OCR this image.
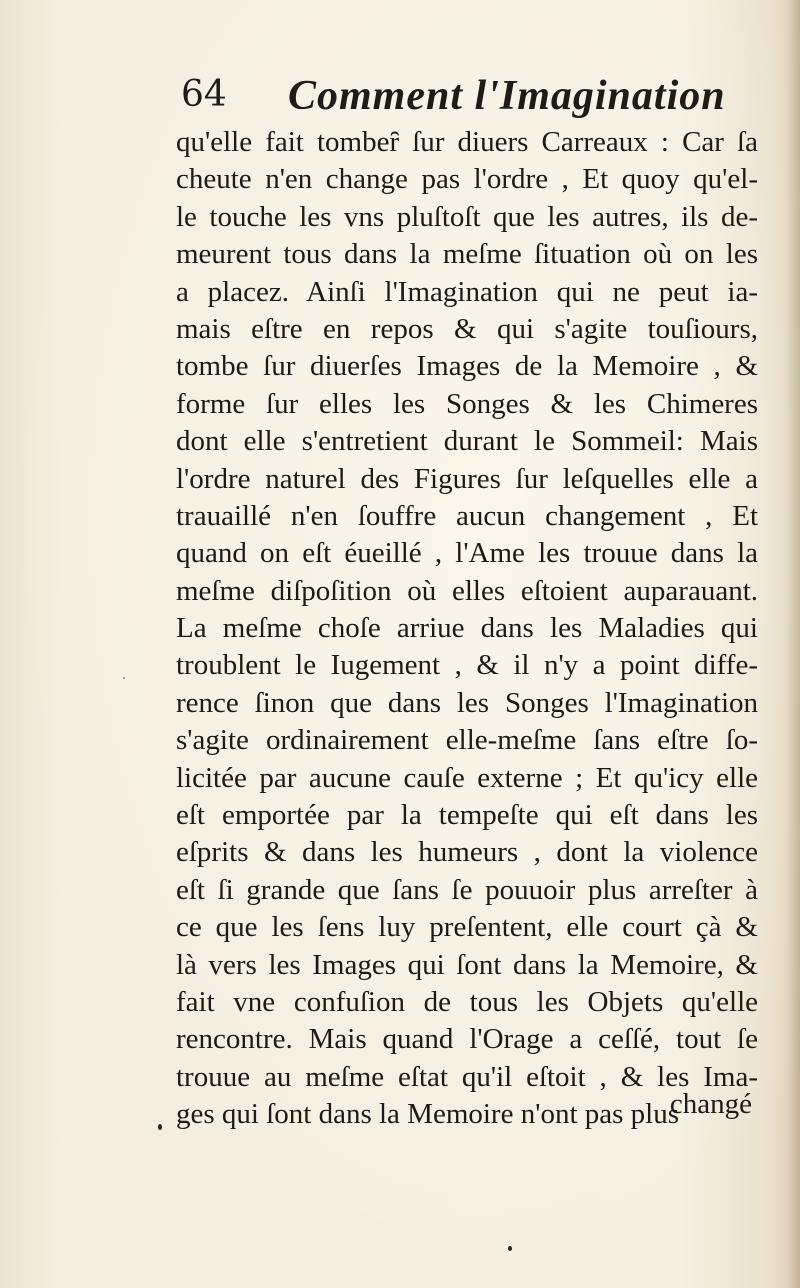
64 Comment l'Imagination
qu'elle fait tombeȓ ſur diuers Carreaux : Car ſa
cheute n'en change pas l'ordre , Et quoy qu'el-
le touche les vns pluſtoſt que les autres, ils de-
meurent tous dans la meſme ſituation où on les
a placez. Ainſi l'Imagination qui ne peut ia-
mais eſtre en repos & qui s'agite touſiours,
tombe ſur diuerſes Images de la Memoire , &
forme ſur elles les Songes & les Chimeres
dont elle s'entretient durant le Sommeil: Mais
l'ordre naturel des Figures ſur leſquelles elle a
trauaillé n'en ſouffre aucun changement , Et
quand on eſt éueillé , l'Ame les trouue dans la
meſme diſpoſition où elles eſtoient auparauant.
La meſme choſe arriue dans les Maladies qui
troublent le Iugement , & il n'y a point diffe-
rence ſinon que dans les Songes l'Imagination
s'agite ordinairement elle-meſme ſans eſtre ſo-
licitée par aucune cauſe externe ; Et qu'icy elle
eſt emportée par la tempeſte qui eſt dans les
eſprits & dans les humeurs , dont la violence
eſt ſi grande que ſans ſe pouuoir plus arreſter à
ce que les ſens luy preſentent, elle court çà &
là vers les Images qui ſont dans la Memoire, &
fait vne confuſion de tous les Objets qu'elle
rencontre. Mais quand l'Orage a ceſſé, tout ſe
trouue au meſme eſtat qu'il eſtoit , & les Ima-
ges qui ſont dans la Memoire n'ont pas plus
changé
